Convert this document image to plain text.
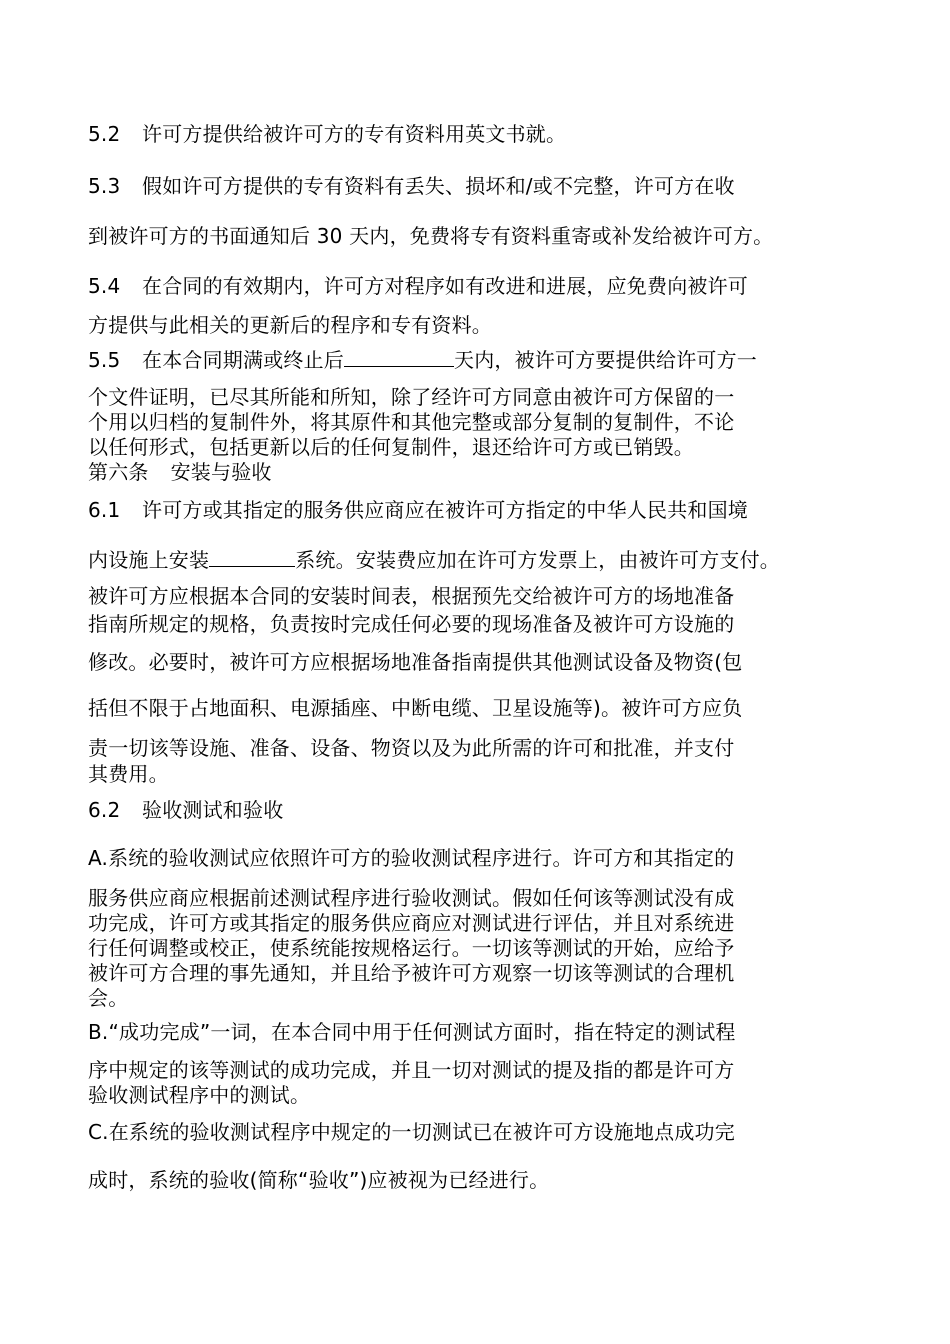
5.2 许可方提供给被许可方的专有资料用英文书就。
5.3 假如许可方提供的专有资料有丢失、损坏和/或不完整，许可方在收
到被许可方的书面通知后 30 天内，免费将专有资料重寄或补发给被许可方。
5.4 在合同的有效期内，许可方对程序如有改进和进展，应免费向被许可
方提供与此相关的更新后的程序和专有资料。
5.5 在本合同期满或终止后	天内，被许可方要提供给许可方一
个文件证明，已尽其所能和所知，除了经许可方同意由被许可方保留的一
个用以归档的复制件外，将其原件和其他完整或部分复制的复制件，不论
以任何形式，包括更新以后的任何复制件，退还给许可方或已销毁。
第六条 安装与验收
6.1 许可方或其指定的服务供应商应在被许可方指定的中华人民共和国境
内设施上安装	系统。安装费应加在许可方发票上，由被许可方支付。
被许可方应根据本合同的安装时间表，根据预先交给被许可方的场地准备
指南所规定的规格，负责按时完成任何必要的现场准备及被许可方设施的
修改。必要时，被许可方应根据场地准备指南提供其他测试设备及物资(包
括但不限于占地面积、电源插座、中断电缆、卫星设施等)。被许可方应负
责一切该等设施、准备、设备、物资以及为此所需的许可和批准，并支付
其费用。
6.2 验收测试和验收
A.系统的验收测试应依照许可方的验收测试程序进行。许可方和其指定的
服务供应商应根据前述测试程序进行验收测试。假如任何该等测试没有成
功完成，许可方或其指定的服务供应商应对测试进行评估，并且对系统进
行任何调整或校正，使系统能按规格运行。一切该等测试的开始，应给予
被许可方合理的事先通知，并且给予被许可方观察一切该等测试的合理机
会。
B.“成功完成”一词，在本合同中用于任何测试方面时，指在特定的测试程
序中规定的该等测试的成功完成，并且一切对测试的提及指的都是许可方
验收测试程序中的测试。
C.在系统的验收测试程序中规定的一切测试已在被许可方设施地点成功完
成时，系统的验收(简称“验收”)应被视为已经进行。
